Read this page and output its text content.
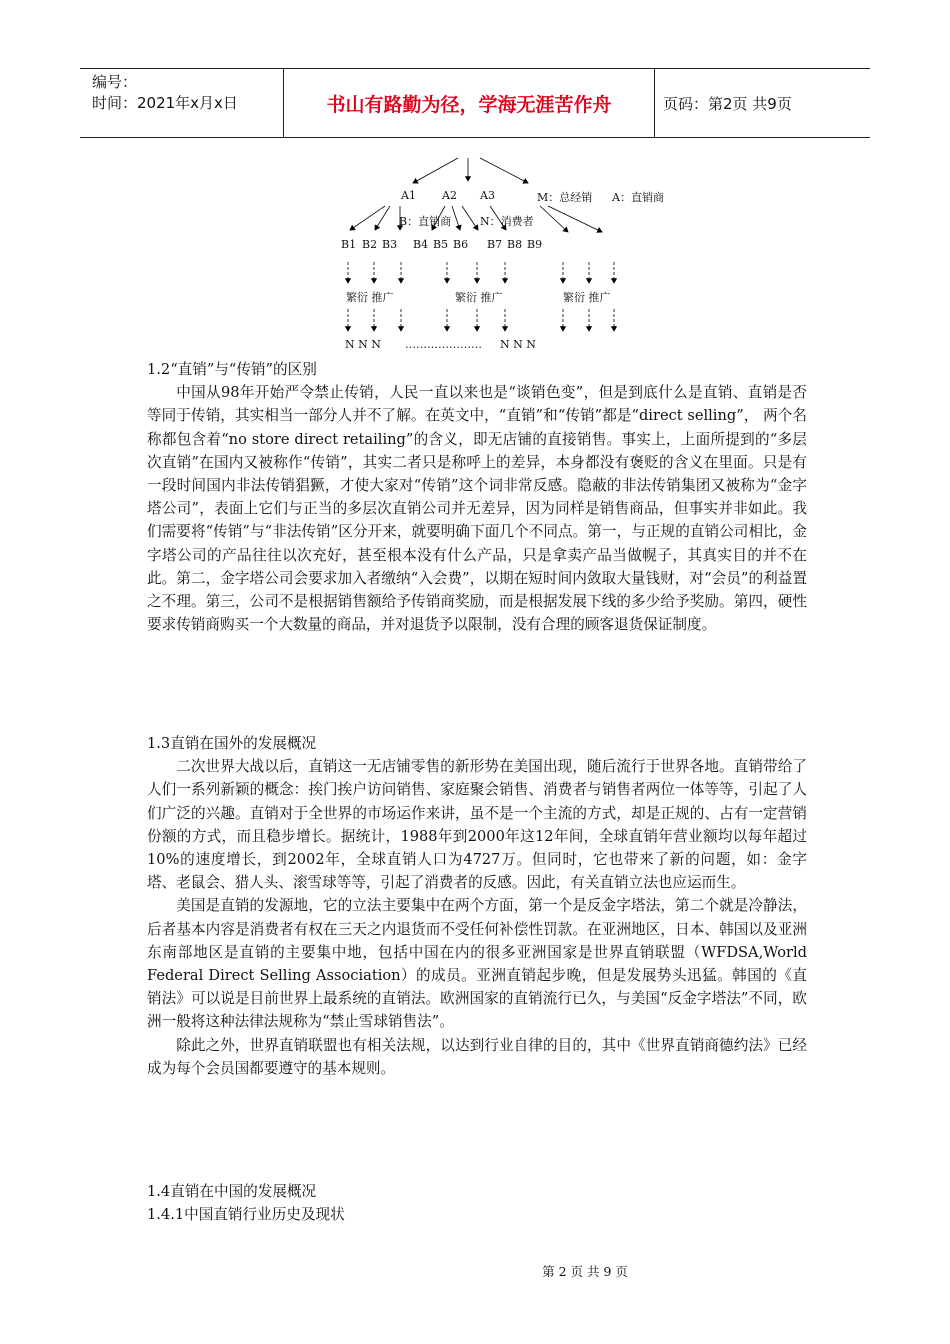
编号：
时间：2021年x月x日	书山有路勤为径，学海无涯苦作舟	页码：第2页 共9页
A1 A2 A3	M：总经销 A：直销商
B：直销商	N：消费者
B1 B2 B3 B4 B5 B6 B7 B8 B9
繁衍 推广	繁衍 推广	繁衍 推广
N N N ………………… N N N

1.2“直销”与“传销”的区别

中国从98年开始严令禁止传销，人民一直以来也是“谈销色变”，但是到底什么是直销、直销是否等同于传销，其实相当一部分人并不了解。在英文中，“直销”和“传销”都是“direct selling”， 两个名称都包含着“no store direct retailing”的含义，即无店铺的直接销售。事实上，上面所提到的“多层次直销”在国内又被称作“传销”，其实二者只是称呼上的差异，本身都没有褒贬的含义在里面。只是有一段时间国内非法传销猖獗，才使大家对“传销”这个词非常反感。隐蔽的非法传销集团又被称为“金字塔公司”，表面上它们与正当的多层次直销公司并无差异，因为同样是销售商品，但事实并非如此。我们需要将“传销”与“非法传销”区分开来，就要明确下面几个不同点。第一，与正规的直销公司相比，金字塔公司的产品往往以次充好，甚至根本没有什么产品，只是拿卖产品当做幌子，其真实目的并不在此。第二，金字塔公司会要求加入者缴纳“入会费”，以期在短时间内敛取大量钱财，对“会员”的利益置之不理。第三，公司不是根据销售额给予传销商奖励，而是根据发展下线的多少给予奖励。第四，硬性要求传销商购买一个大数量的商品，并对退货予以限制，没有合理的顾客退货保证制度。

1.3直销在国外的发展概况

二次世界大战以后，直销这一无店铺零售的新形势在美国出现，随后流行于世界各地。直销带给了人们一系列新颖的概念：挨门挨户访问销售、家庭聚会销售、消费者与销售者两位一体等等，引起了人们广泛的兴趣。直销对于全世界的市场运作来讲，虽不是一个主流的方式，却是正规的、占有一定营销份额的方式，而且稳步增长。据统计，1988年到2000年这12年间，全球直销年营业额均以每年超过10%的速度增长，到2002年，全球直销人口为4727万。但同时，它也带来了新的问题，如：金字塔、老鼠会、猎人头、滚雪球等等，引起了消费者的反感。因此，有关直销立法也应运而生。

美国是直销的发源地，它的立法主要集中在两个方面，第一个是反金字塔法，第二个就是冷静法，后者基本内容是消费者有权在三天之内退货而不受任何补偿性罚款。在亚洲地区，日本、韩国以及亚洲东南部地区是直销的主要集中地，包括中国在内的很多亚洲国家是世界直销联盟（WFDSA,World Federal Direct Selling Association）的成员。亚洲直销起步晚，但是发展势头迅猛。韩国的《直销法》可以说是目前世界上最系统的直销法。欧洲国家的直销流行已久，与美国“反金字塔法”不同，欧洲一般将这种法律法规称为“禁止雪球销售法”。

除此之外，世界直销联盟也有相关法规，以达到行业自律的目的，其中《世界直销商德约法》已经成为每个会员国都要遵守的基本规则。

1.4直销在中国的发展概况

1.4.1中国直销行业历史及现状

第 2 页 共 9 页
